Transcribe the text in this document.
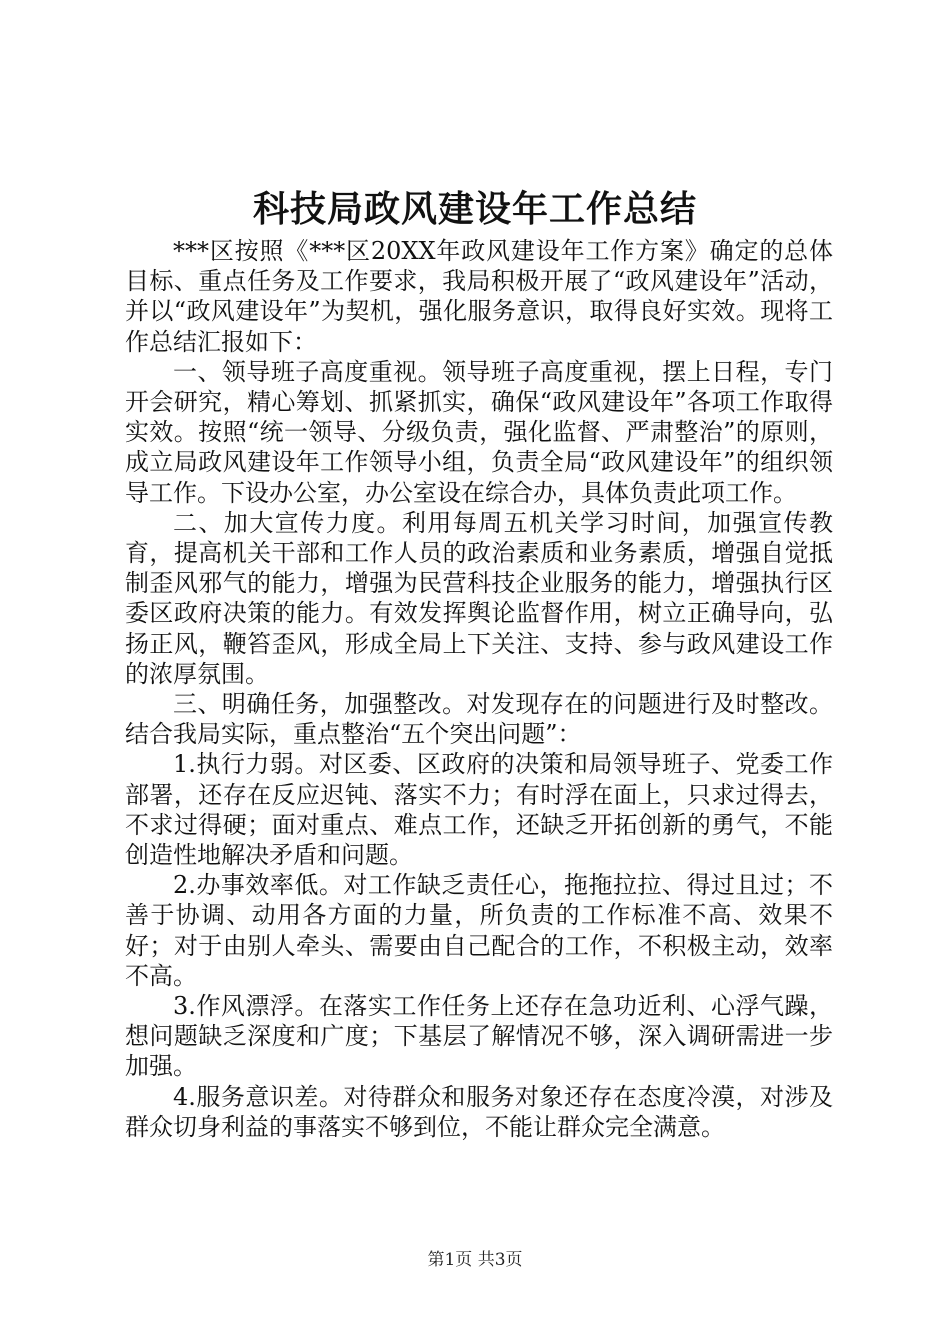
科技局政风建设年工作总结

***区按照《***区20XX年政风建设年工作方案》确定的总体目标、重点任务及工作要求，我局积极开展了“政风建设年”活动，并以“政风建设年”为契机，强化服务意识，取得良好实效。现将工作总结汇报如下：

一、领导班子高度重视。领导班子高度重视，摆上日程，专门开会研究，精心筹划、抓紧抓实，确保“政风建设年”各项工作取得实效。按照“统一领导、分级负责，强化监督、严肃整治”的原则，成立局政风建设年工作领导小组，负责全局“政风建设年”的组织领导工作。下设办公室，办公室设在综合办，具体负责此项工作。

二、加大宣传力度。利用每周五机关学习时间，加强宣传教育，提高机关干部和工作人员的政治素质和业务素质，增强自觉抵制歪风邪气的能力，增强为民营科技企业服务的能力，增强执行区委区政府决策的能力。有效发挥舆论监督作用，树立正确导向，弘扬正风，鞭笞歪风，形成全局上下关注、支持、参与政风建设工作的浓厚氛围。

三、明确任务，加强整改。对发现存在的问题进行及时整改。结合我局实际，重点整治“五个突出问题”：

1.执行力弱。对区委、区政府的决策和局领导班子、党委工作部署，还存在反应迟钝、落实不力；有时浮在面上，只求过得去，不求过得硬；面对重点、难点工作，还缺乏开拓创新的勇气，不能创造性地解决矛盾和问题。

2.办事效率低。对工作缺乏责任心，拖拖拉拉、得过且过；不善于协调、动用各方面的力量，所负责的工作标准不高、效果不好；对于由别人牵头、需要由自己配合的工作，不积极主动，效率不高。

3.作风漂浮。在落实工作任务上还存在急功近利、心浮气躁，想问题缺乏深度和广度；下基层了解情况不够，深入调研需进一步加强。

4.服务意识差。对待群众和服务对象还存在态度冷漠，对涉及群众切身利益的事落实不够到位，不能让群众完全满意。

第1页 共3页
